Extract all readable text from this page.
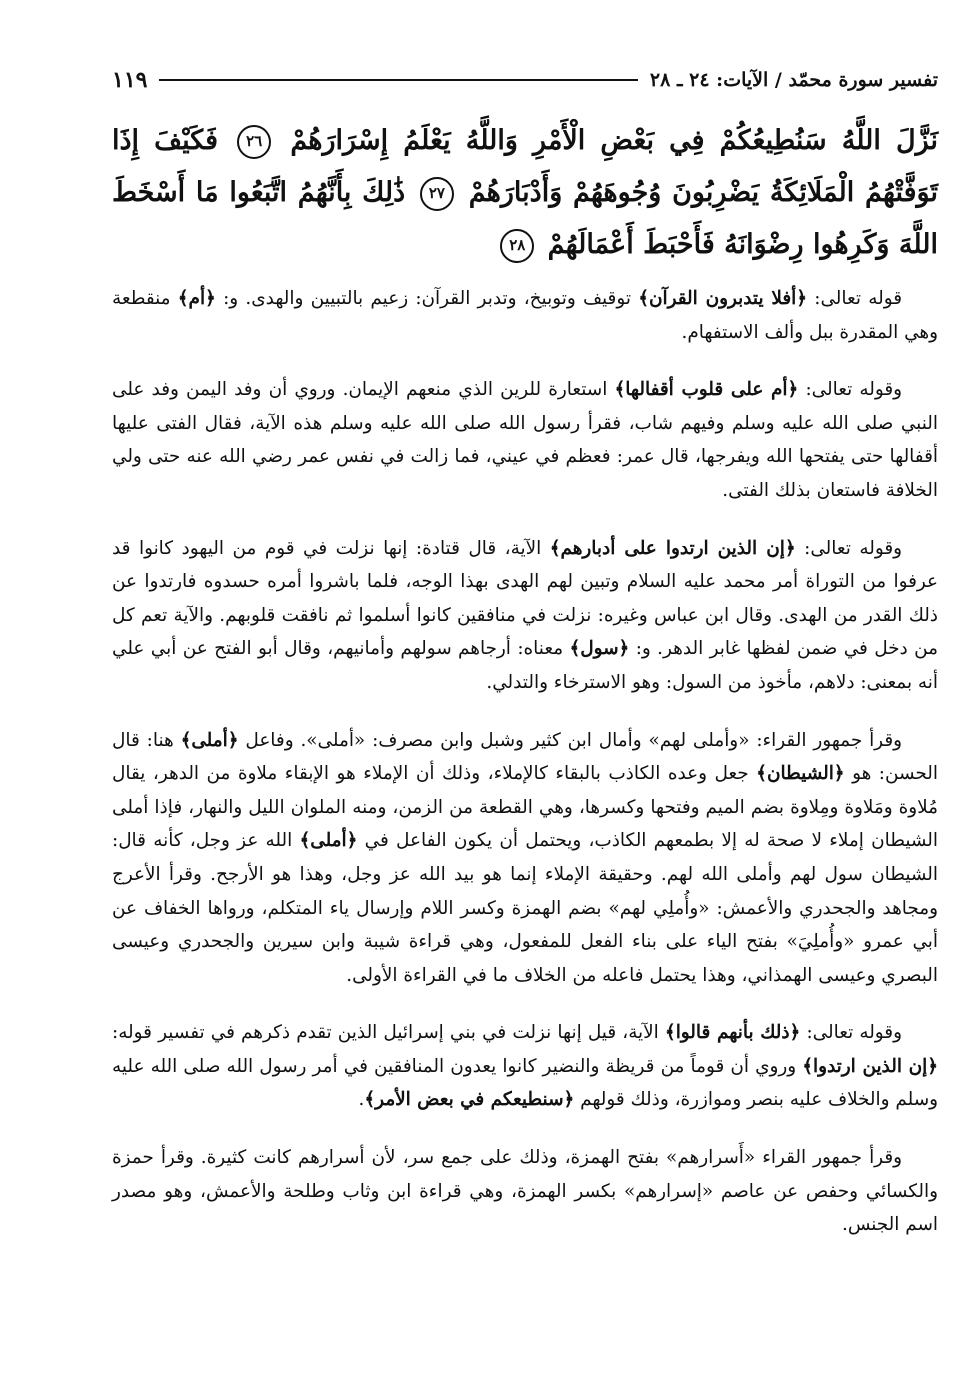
تفسير سورة محمّد / الآيات: ٢٤ ـ ٢٨
١١٩
نَزَّلَ اللَّهُ سَنُطِيعُكُمْ فِي بَعْضِ الْأَمْرِ وَاللَّهُ يَعْلَمُ إِسْرَارَهُمْ ٢٦ فَكَيْفَ إِذَا تَوَفَّتْهُمُ الْمَلَائِكَةُ يَضْرِبُونَ وُجُوهَهُمْ وَأَدْبَارَهُمْ ٢٧ ذَٰلِكَ بِأَنَّهُمُ اتَّبَعُوا مَا أَسْخَطَ اللَّهَ وَكَرِهُوا رِضْوَانَهُ فَأَحْبَطَ أَعْمَالَهُمْ ٢٨

قوله تعالى: ﴿أفلا يتدبرون القرآن﴾ توقيف وتوبيخ، وتدبر القرآن: زعيم بالتبيين والهدى. و: ﴿أم﴾ منقطعة وهي المقدرة ببل وألف الاستفهام.

وقوله تعالى: ﴿أم على قلوب أقفالها﴾ استعارة للرين الذي منعهم الإيمان. وروي أن وفد اليمن وفد على النبي صلى الله عليه وسلم وفيهم شاب، فقرأ رسول الله صلى الله عليه وسلم هذه الآية، فقال الفتى عليها أقفالها حتى يفتحها الله ويفرجها، قال عمر: فعظم في عيني، فما زالت في نفس عمر رضي الله عنه حتى ولي الخلافة فاستعان بذلك الفتى.

وقوله تعالى: ﴿إن الذين ارتدوا على أدبارهم﴾ الآية، قال قتادة: إنها نزلت في قوم من اليهود كانوا قد عرفوا من التوراة أمر محمد عليه السلام وتبين لهم الهدى بهذا الوجه، فلما باشروا أمره حسدوه فارتدوا عن ذلك القدر من الهدى. وقال ابن عباس وغيره: نزلت في منافقين كانوا أسلموا ثم نافقت قلوبهم. والآية تعم كل من دخل في ضمن لفظها غابر الدهر. و: ﴿سول﴾ معناه: أرجاهم سولهم وأمانيهم، وقال أبو الفتح عن أبي علي أنه بمعنى: دلاهم، مأخوذ من السول: وهو الاسترخاء والتدلي.

وقرأ جمهور القراء: «وأملى لهم» وأمال ابن كثير وشبل وابن مصرف: «أملى». وفاعل ﴿أملى﴾ هنا: قال الحسن: هو ﴿الشيطان﴾ جعل وعده الكاذب بالبقاء كالإملاء، وذلك أن الإملاء هو الإبقاء ملاوة من الدهر، يقال مُلاوة ومَلاوة ومِلاوة بضم الميم وفتحها وكسرها، وهي القطعة من الزمن، ومنه الملوان الليل والنهار، فإذا أملى الشيطان إملاء لا صحة له إلا بطمعهم الكاذب، ويحتمل أن يكون الفاعل في ﴿أملى﴾ الله عز وجل، كأنه قال: الشيطان سول لهم وأملى الله لهم. وحقيقة الإملاء إنما هو بيد الله عز وجل، وهذا هو الأرجح. وقرأ الأعرج ومجاهد والجحدري والأعمش: «وأُملِي لهم» بضم الهمزة وكسر اللام وإرسال ياء المتكلم، ورواها الخفاف عن أبي عمرو «وأُملِيَ» بفتح الياء على بناء الفعل للمفعول، وهي قراءة شيبة وابن سيرين والجحدري وعيسى البصري وعيسى الهمذاني، وهذا يحتمل فاعله من الخلاف ما في القراءة الأولى.

وقوله تعالى: ﴿ذلك بأنهم قالوا﴾ الآية، قيل إنها نزلت في بني إسرائيل الذين تقدم ذكرهم في تفسير قوله: ﴿إن الذين ارتدوا﴾ وروي أن قوماً من قريظة والنضير كانوا يعدون المنافقين في أمر رسول الله صلى الله عليه وسلم والخلاف عليه بنصر وموازرة، وذلك قولهم ﴿سنطيعكم في بعض الأمر﴾.

وقرأ جمهور القراء «أَسرارهم» بفتح الهمزة، وذلك على جمع سر، لأن أسرارهم كانت كثيرة. وقرأ حمزة والكسائي وحفص عن عاصم «إسرارهم» بكسر الهمزة، وهي قراءة ابن وثاب وطلحة والأعمش، وهو مصدر اسم الجنس.
